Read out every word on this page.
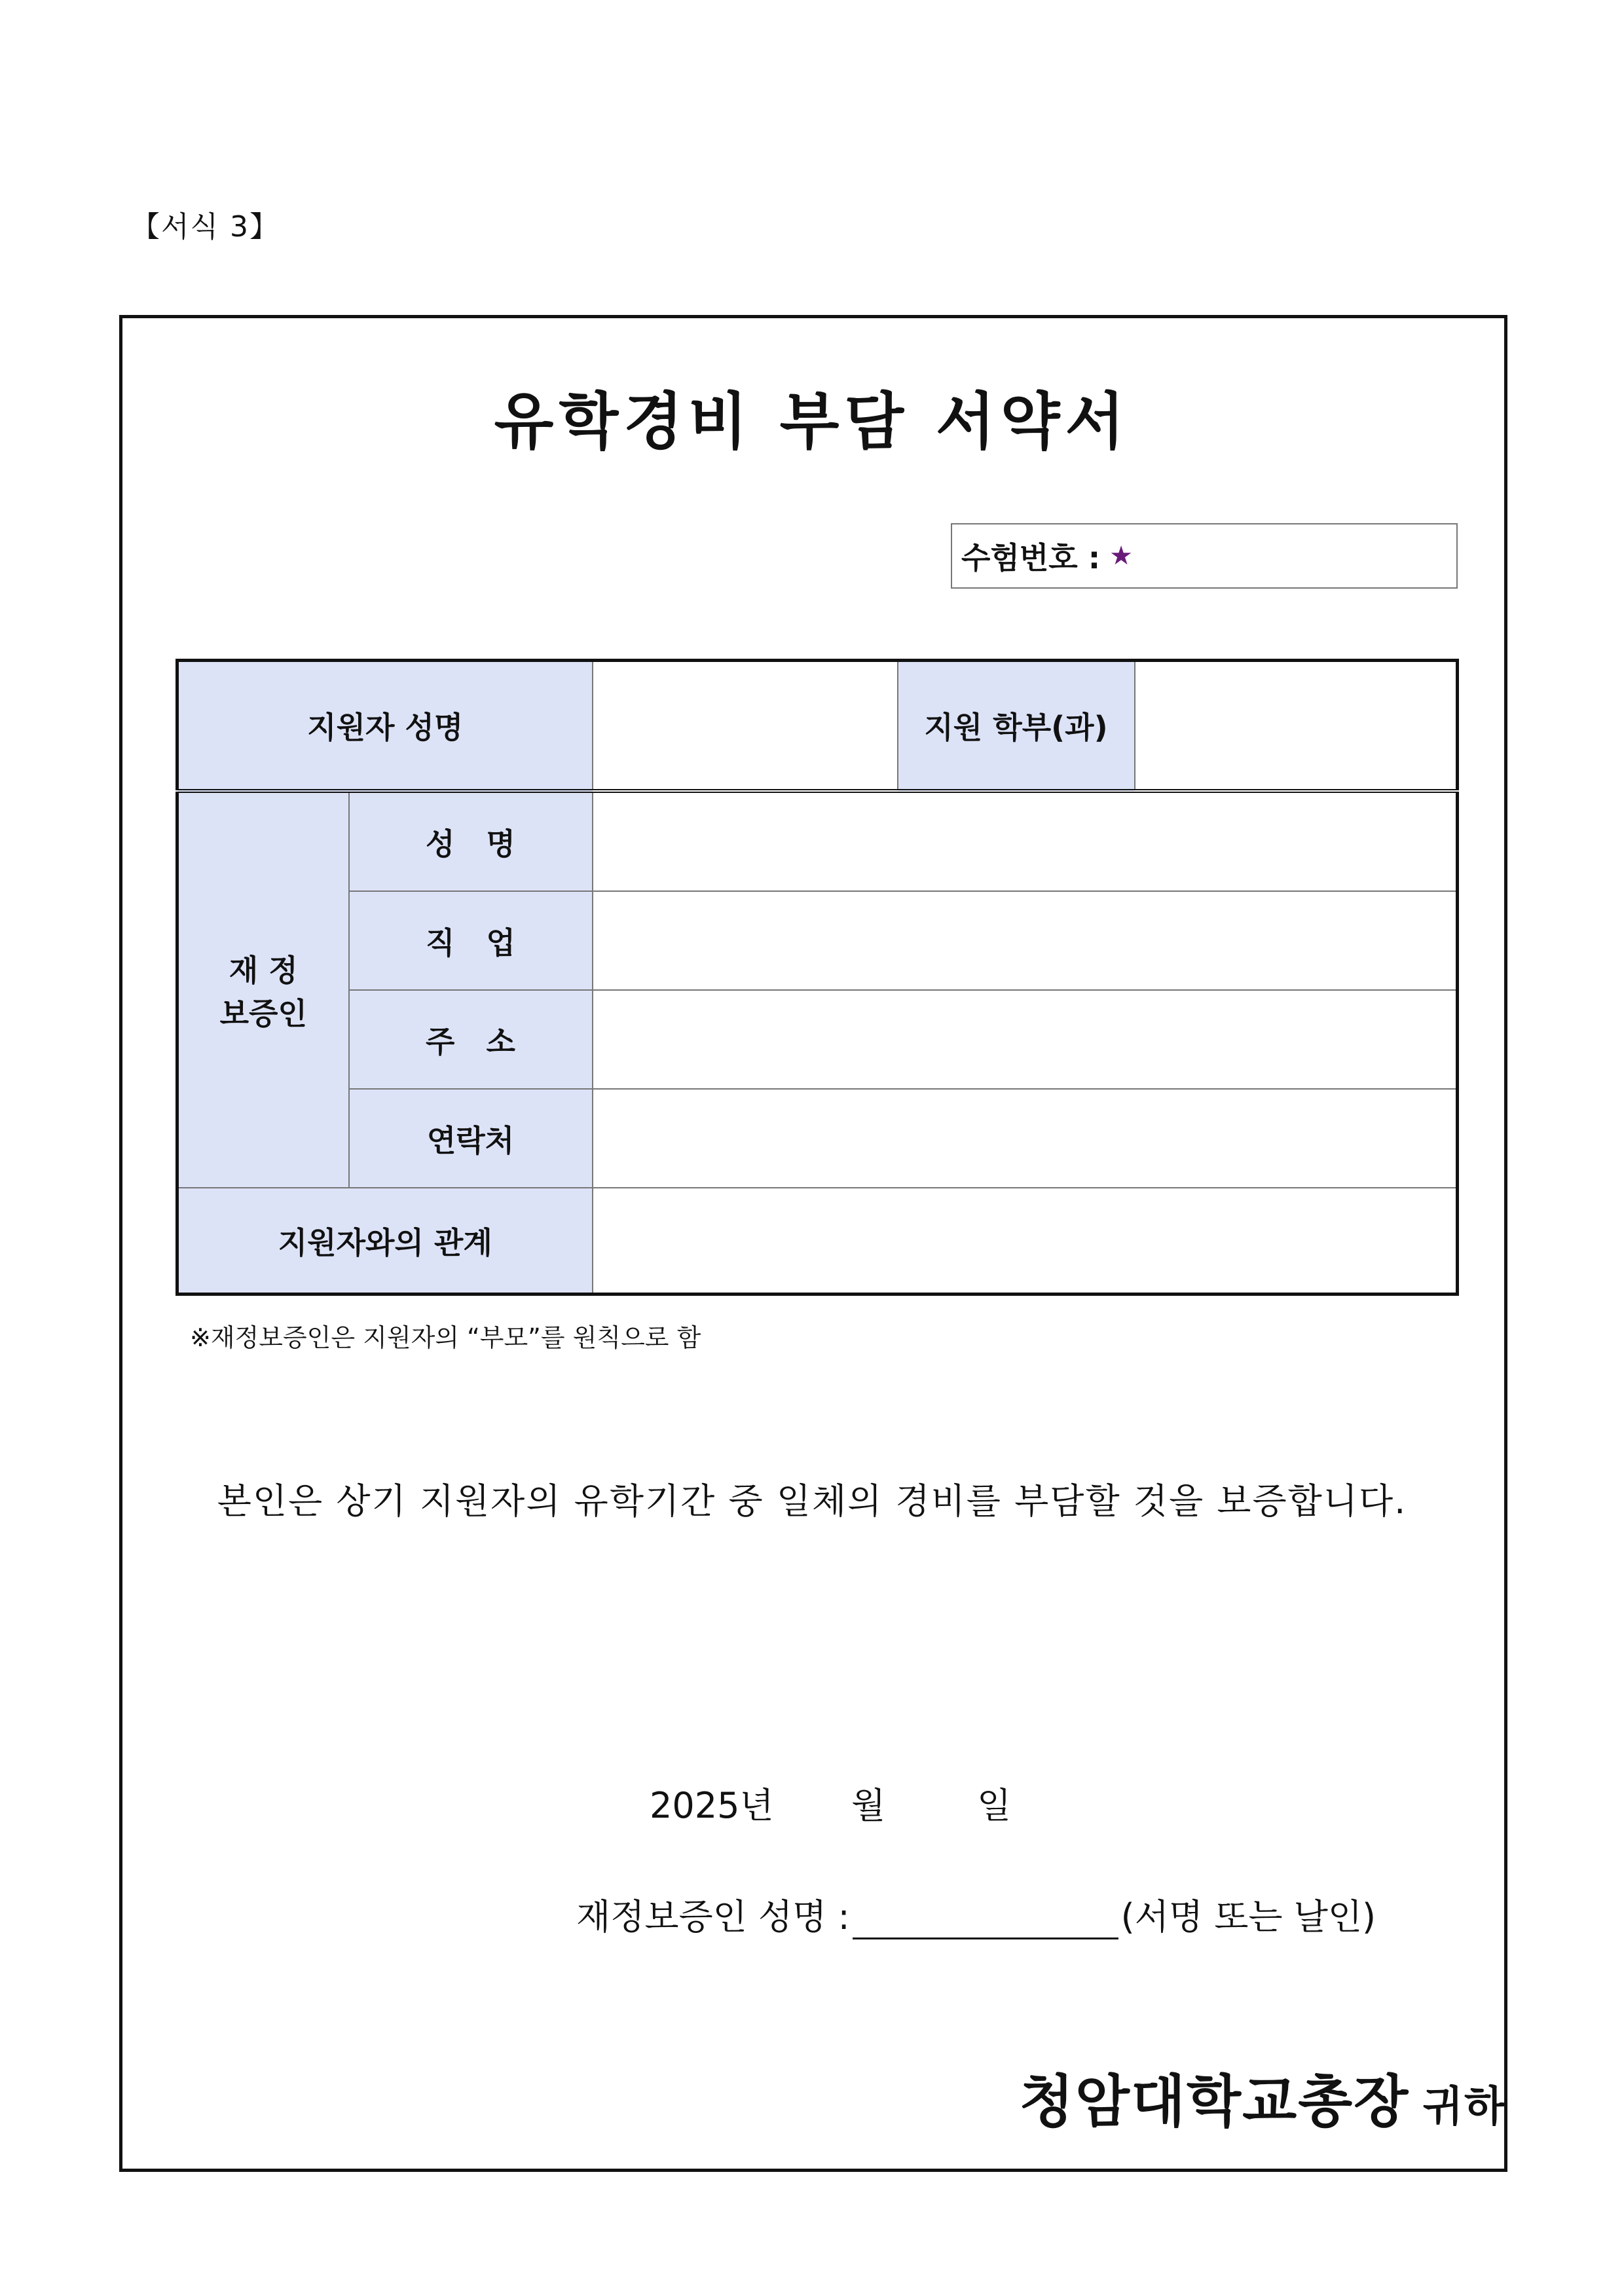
【서식 3】
유학경비 부담 서약서
수험번호 : ★
지원자 성명			지원 학부(과)	

재 정
보증인	성   명			
	직   업			
	주   소			
	연락처			
지원자와의 관계				
※재정보증인은 지원자의 “부모”를 원칙으로 함
본인은 상기 지원자의 유학기간 중 일체의 경비를 부담할 것을 보증합니다.
2025년 월	일
재정보증인 성명 :	(서명 또는 날인)
청암대학교총장 귀하
